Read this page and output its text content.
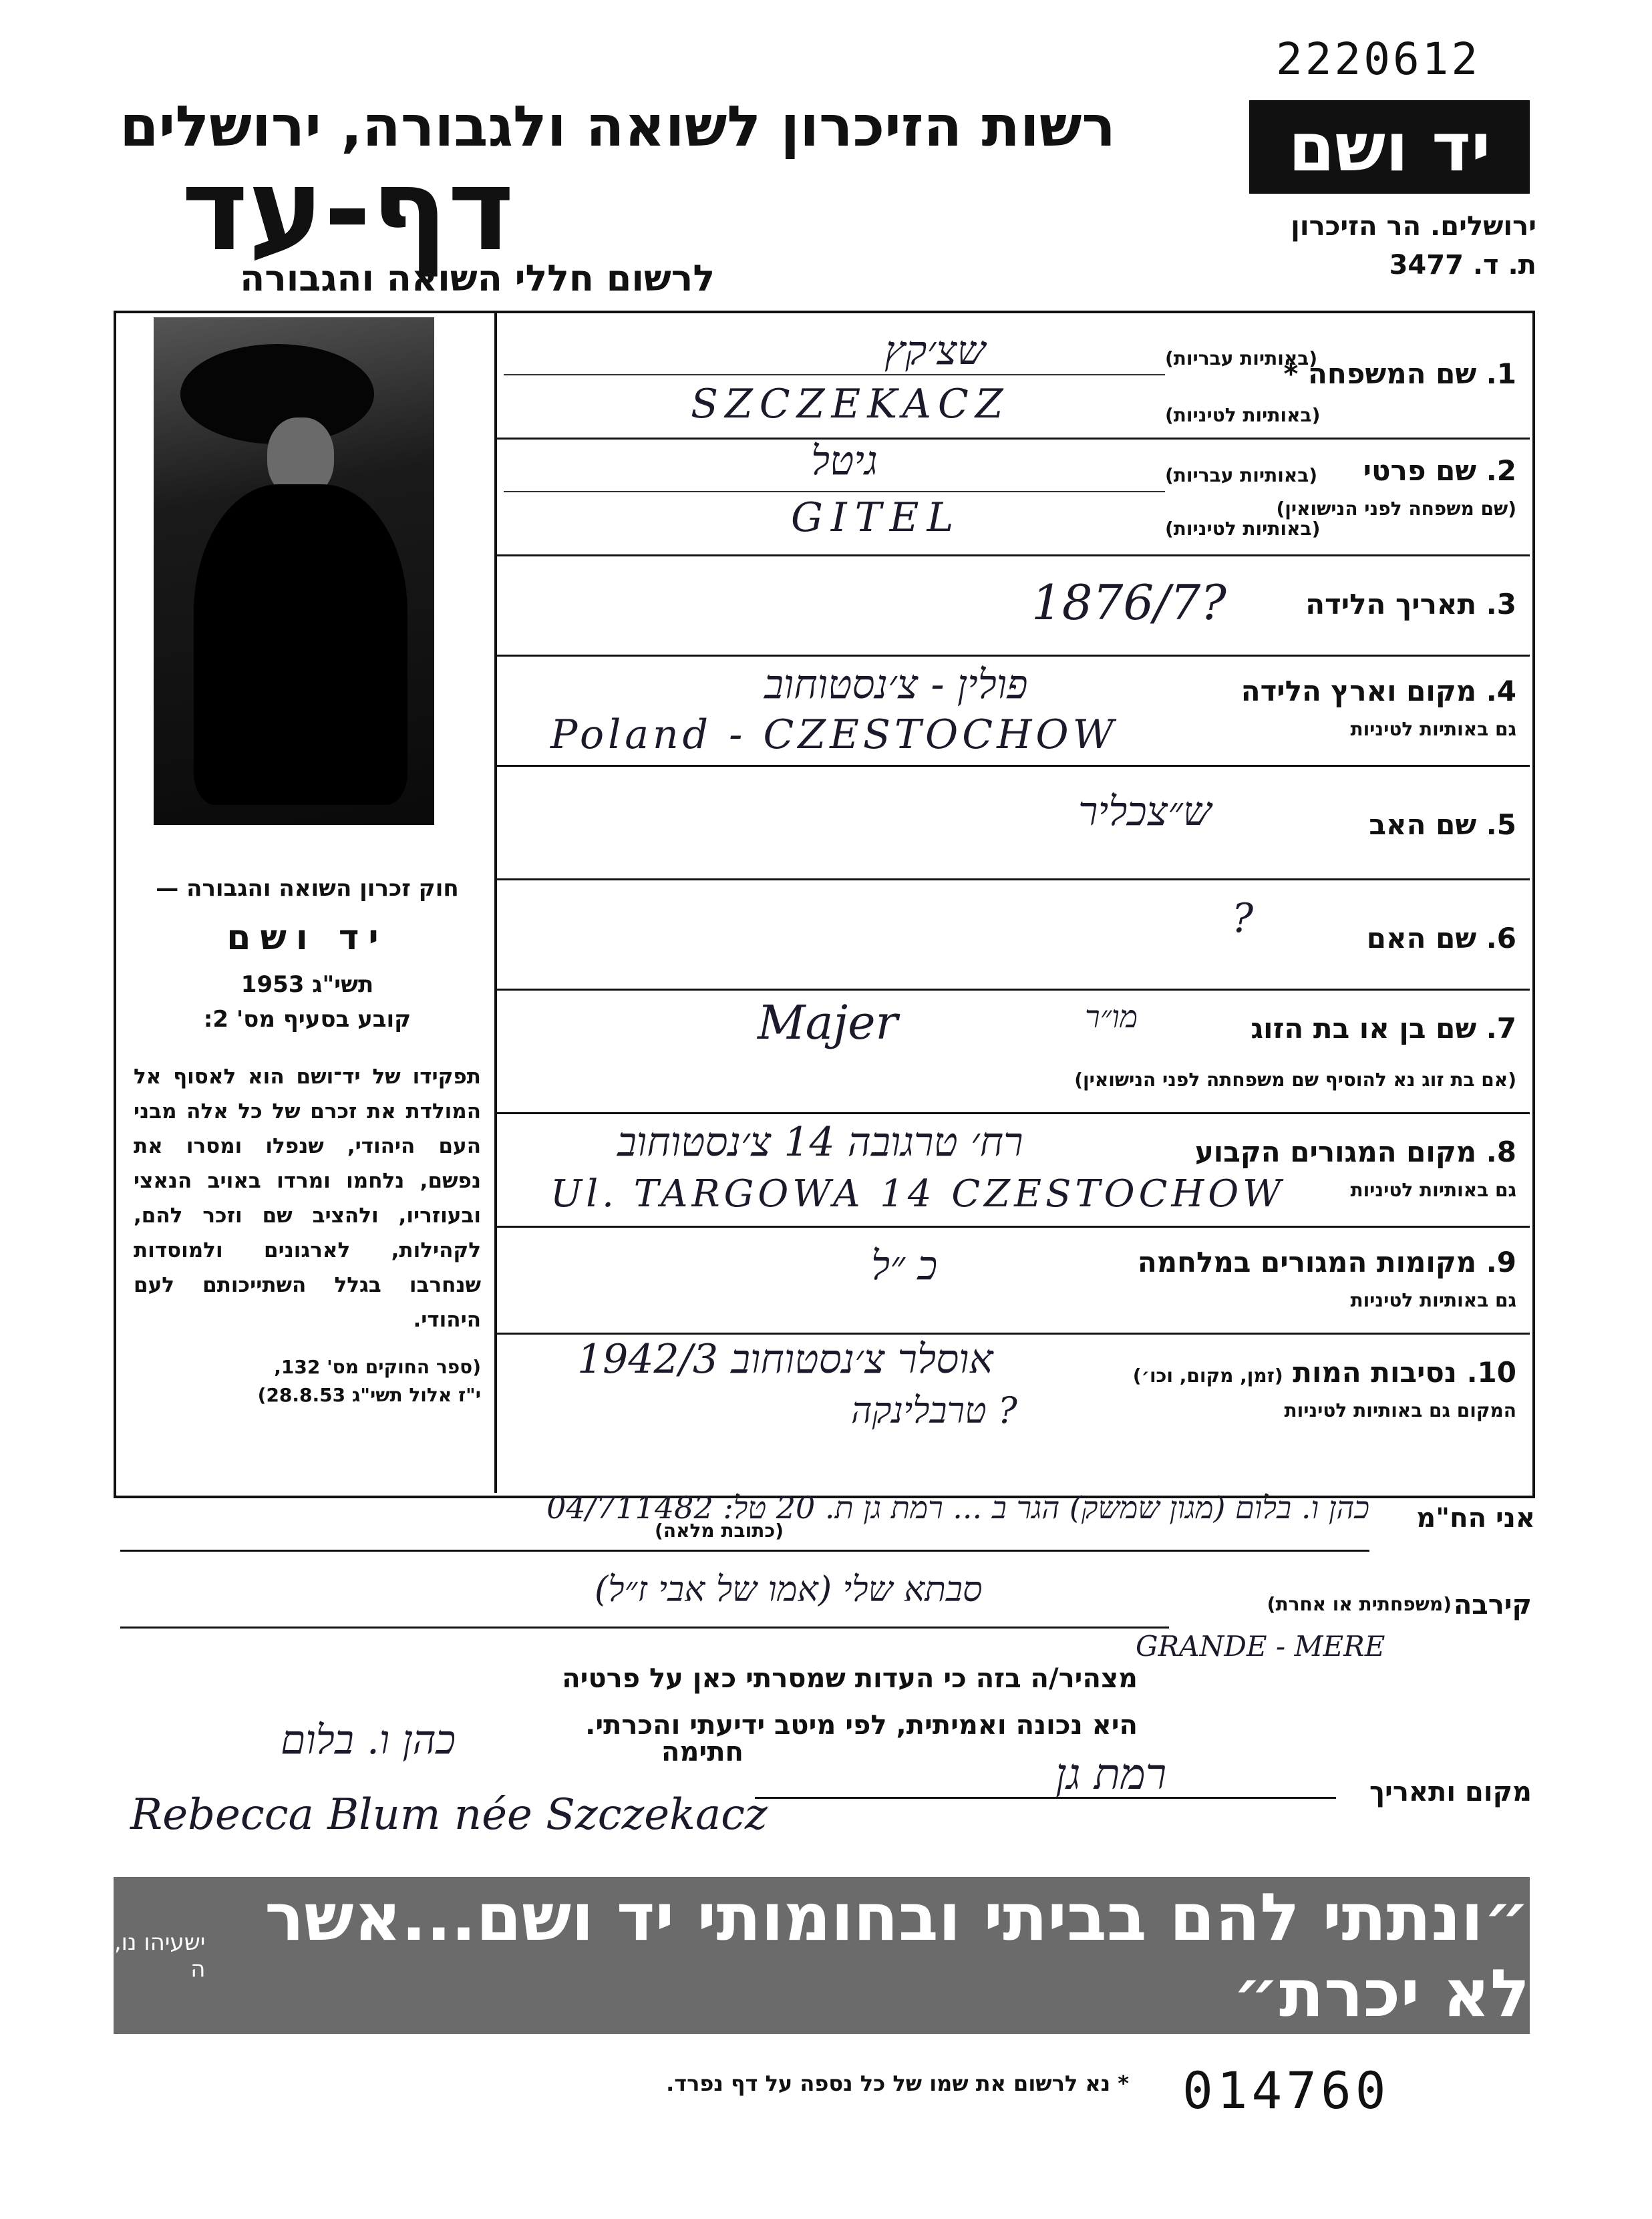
2220612
יד ושם
ירושלים. הר הזיכרון
ת. ד. 3477
רשות הזיכרון לשואה ולגבורה, ירושלים
דף-עד
לרשום חללי השואה והגבורה
חוק זכרון השואה והגבורה —
יד ושם
תשי"ג 1953
קובע בסעיף מס' 2:
תפקידו של יד־ושם הוא לאסוף אל המולדת את זכרם של כל אלה מבני העם היהודי, שנפלו ומסרו את נפשם, נלחמו ומרדו באויב הנאצי ובעוזריו, ולהציב שם וזכר להם, לקהילות, לארגונים ולמוסדות שנחרבו בגלל השתייכותם לעם היהודי.
(ספר החוקים מס' 132,
י"ז אלול תשי"ג 28.8.53)
1. שם המשפחה *
(באותיות עבריות)
(באותיות לטיניות)
שצ׳קץ
SZCZEKACZ
2. שם פרטי
(שם משפחה לפני הנישואין)
(באותיות עבריות)
(באותיות לטיניות)
גיטל
GITEL
3. תאריך הלידה
1876/7?
4. מקום וארץ הלידה
גם באותיות לטיניות
פולין - צ׳נסטוחוב
Poland - CZESTOCHOW
5. שם האב
ש״צכליר
6. שם האם
?
7. שם בן או בת הזוג
(אם בת זוג נא להוסיף שם משפחתה לפני הנישואין)
מו״ר
Majer
8. מקום המגורים הקבוע
גם באותיות לטיניות
רח׳ טרגובה 14 צ׳נסטוחוב
Ul. TARGOWA 14 CZESTOCHOW
9. מקומות המגורים במלחמה
גם באותיות לטיניות
כ ״ל
10. נסיבות המות (זמן, מקום, וכו׳)
המקום גם באותיות לטיניות
אוסלר צ׳נסטוחוב 1942/3
טרבלינקה ?
אני הח"מ
(כתובת מלאה)
כהן ו. בלום (מגון שמשק) הגר ב ... רמת גן ת. 20 טל: 04/711482
קירבה
(משפחתית או אחרת)
סבתא שלי (אמו של אבי ז״ל)
GRANDE - MERE
מצהיר/ה בזה כי העדות שמסרתי כאן על פרטיה
היא נכונה ואמיתית, לפי מיטב ידיעתי והכרתי.
מקום ותאריך
רמת גן
חתימה
כהן ו. בלום
Rebecca Blum née Szczekacz
״ונתתי להם בביתי ובחומותי יד ושם...אשר לא יכרת״
ישעיהו נו, ה
* נא לרשום את שמו של כל נספה על דף נפרד. 014760
